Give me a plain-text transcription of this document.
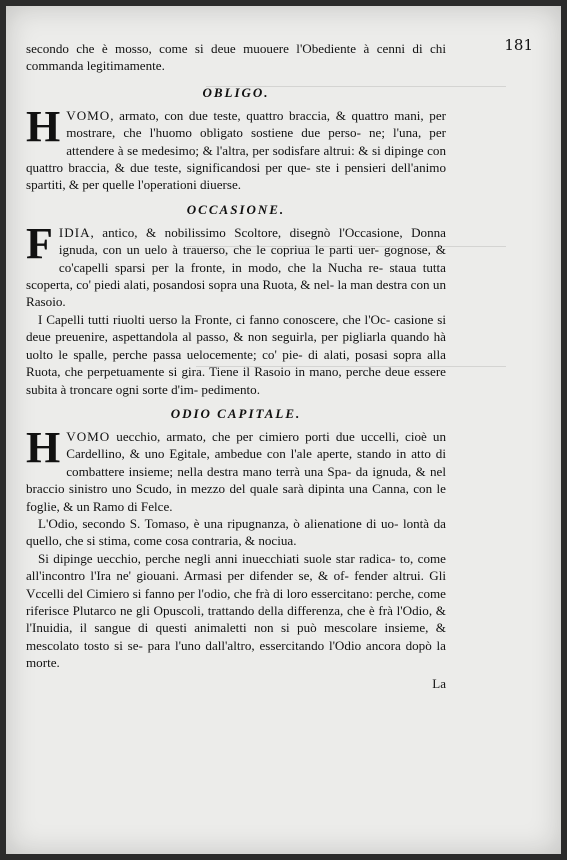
181

secondo che è mosso, come si deue muouere l'Obediente à cenni di chi commanda legitimamente.

OBLIGO.

HVOMO, armato, con due teste, quattro braccia, & quattro mani, per mostrare, che l'huomo obligato sostiene due perso- ne; l'una, per attendere à se medesimo; & l'altra, per sodisfare altrui: & si dipinge con quattro braccia, & due teste, significandosi per que- ste i pensieri dell'animo spartiti, & per quelle l'operationi diuerse.

OCCASIONE.

FIDIA, antico, & nobilissimo Scoltore, disegnò l'Occasione, Donna ignuda, con un uelo à trauerso, che le copriua le parti uer- gognose, & co'capelli sparsi per la fronte, in modo, che la Nucha re- staua tutta scoperta, co' piedi alati, posandosi sopra una Ruota, & nel- la man destra con un Rasoio.

I Capelli tutti riuolti uerso la Fronte, ci fanno conoscere, che l'Oc- casione si deue preuenire, aspettandola al passo, & non seguirla, per pigliarla quando hà uolto le spalle, perche passa uelocemente; co' pie- di alati, posasi sopra alla Ruota, che perpetuamente si gira. Tiene il Rasoio in mano, perche deue essere subita à troncare ogni sorte d'im- pedimento.

ODIO CAPITALE.

HVOMO uecchio, armato, che per cimiero porti due uccelli, cioè un Cardellino, & uno Egitale, ambedue con l'ale aperte, stando in atto di combattere insieme; nella destra mano terrà una Spa- da ignuda, & nel braccio sinistro uno Scudo, in mezzo del quale sarà dipinta una Canna, con le foglie, & un Ramo di Felce.

L'Odio, secondo S. Tomaso, è una ripugnanza, ò alienatione di uo- lontà da quello, che si stima, come cosa contraria, & nociua.

Si dipinge uecchio, perche negli anni inuecchiati suole star radica- to, come all'incontro l'Ira ne' giouani. Armasi per difender se, & of- fender altrui. Gli Vccelli del Cimiero si fanno per l'odio, che frà di loro essercitano: perche, come riferisce Plutarco ne gli Opuscoli, trattando della differenza, che è frà l'Odio, & l'Inuidia, il sangue di questi animaletti non si può mescolare insieme, & mescolato tosto si se- para l'uno dall'altro, essercitando l'Odio ancora dopò la morte.

La
